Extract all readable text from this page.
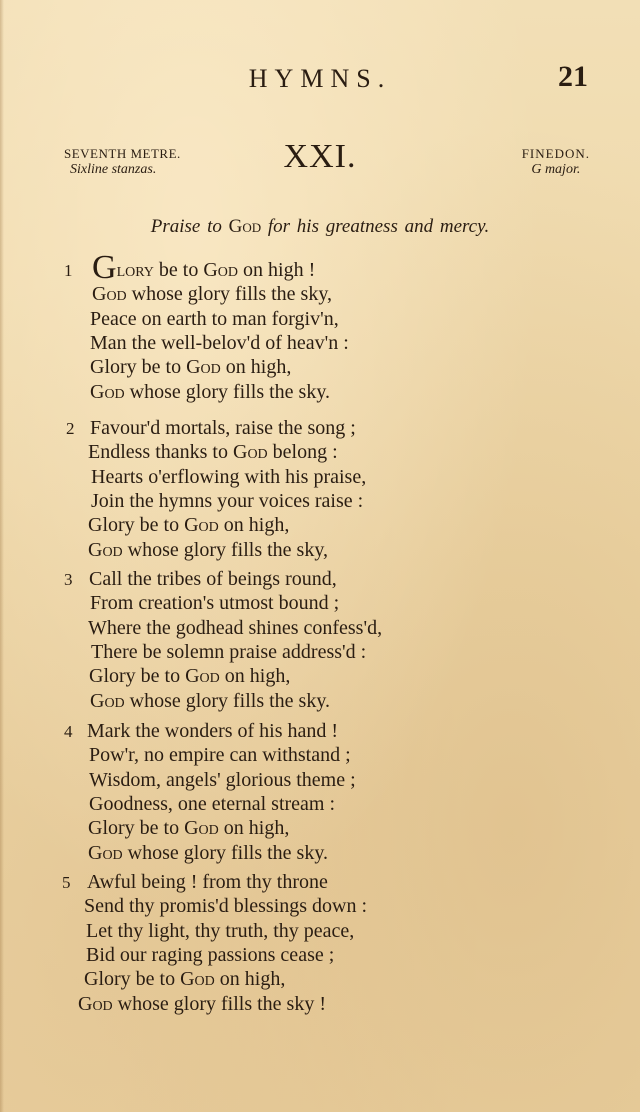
HYMNS.	21
SEVENTH METRE.
Sixline stanzas.	XXI.	FINEDON.
G major.
Praise to God for his greatness and mercy.
1 Glory be to God on high !
God whose glory fills the sky,
Peace on earth to man forgiv'n,
Man the well-belov'd of heav'n :
Glory be to God on high,
God whose glory fills the sky.
2 Favour'd mortals, raise the song ;
Endless thanks to God belong :
Hearts o'erflowing with his praise,
Join the hymns your voices raise :
Glory be to God on high,
God whose glory fills the sky,
3 Call the tribes of beings round,
From creation's utmost bound ;
Where the godhead shines confess'd,
There be solemn praise address'd :
Glory be to God on high,
God whose glory fills the sky.
4 Mark the wonders of his hand !
Pow'r, no empire can withstand ;
Wisdom, angels' glorious theme ;
Goodness, one eternal stream :
Glory be to God on high,
God whose glory fills the sky.
5 Awful being ! from thy throne
Send thy promis'd blessings down :
Let thy light, thy truth, thy peace,
Bid our raging passions cease ;
Glory be to God on high,
God whose glory fills the sky !
